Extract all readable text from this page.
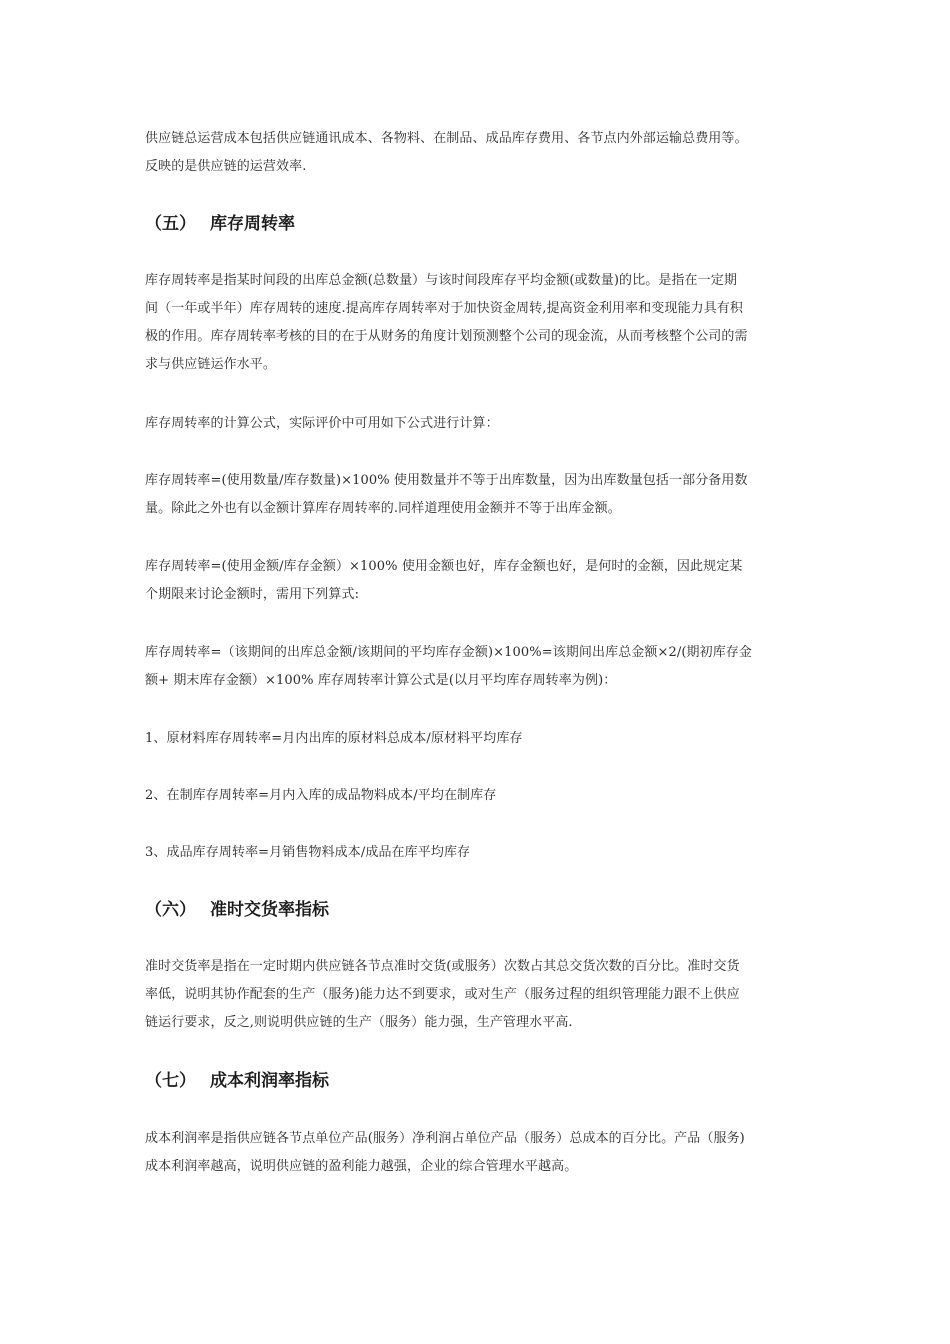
供应链总运营成本包括供应链通讯成本、各物料、在制品、成品库存费用、各节点内外部运输总费用等。
反映的是供应链的运营效率.

（五） 库存周转率

库存周转率是指某时间段的出库总金额(总数量）与该时间段库存平均金额(或数量)的比。是指在一定期
间（一年或半年）库存周转的速度.提高库存周转率对于加快资金周转,提高资金利用率和变现能力具有积
极的作用。库存周转率考核的目的在于从财务的角度计划预测整个公司的现金流，从而考核整个公司的需
求与供应链运作水平。

库存周转率的计算公式，实际评价中可用如下公式进行计算：

库存周转率=(使用数量/库存数量)×100% 使用数量并不等于出库数量，因为出库数量包括一部分备用数
量。除此之外也有以金额计算库存周转率的.同样道理使用金额并不等于出库金额。

库存周转率=(使用金额/库存金额）×100% 使用金额也好，库存金额也好，是何时的金额，因此规定某
个期限来讨论金额时，需用下列算式:

库存周转率=（该期间的出库总金额/该期间的平均库存金额)×100%=该期间出库总金额×2/(期初库存金
额+ 期末库存金额）×100% 库存周转率计算公式是(以月平均库存周转率为例)：

1、原材料库存周转率=月内出库的原材料总成本/原材料平均库存

2、在制库存周转率=月内入库的成品物料成本/平均在制库存

3、成品库存周转率=月销售物料成本/成品在库平均库存

（六） 准时交货率指标

准时交货率是指在一定时期内供应链各节点准时交货(或服务）次数占其总交货次数的百分比。准时交货
率低，说明其协作配套的生产（服务)能力达不到要求，或对生产（服务过程的组织管理能力跟不上供应
链运行要求，反之,则说明供应链的生产（服务）能力强，生产管理水平高.

（七） 成本利润率指标

成本利润率是指供应链各节点单位产品(服务）净利润占单位产品（服务）总成本的百分比。产品（服务)
成本利润率越高，说明供应链的盈利能力越强，企业的综合管理水平越高。
